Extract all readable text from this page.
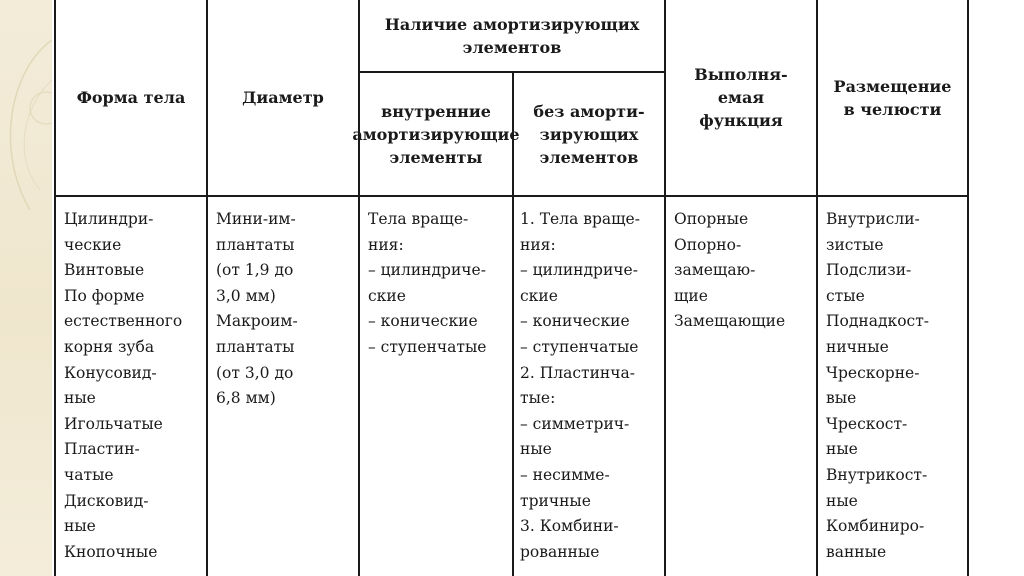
Форма тела	Диаметр
Наличие амортизирующих
элементов
внутренние
амортизирующие
элементы
без аморти-
зирующих
элементов
Выполня-
емая
функция
Размещение
в челюсти
Цилиндри-
ческие
Винтовые
По форме
естественного
корня зуба
Конусовид-
ные
Игольчатые
Пластин-
чатые
Дисковид-
ные
Кнопочные
Мини-им-
плантаты
(от 1,9 до
3,0 мм)
Макроим-
плантаты
(от 3,0 до
6,8 мм)
Тела враще-
ния:
– цилиндриче-
ские
– конические
– ступенчатые
1. Тела враще-
ния:
– цилиндриче-
ские
– конические
– ступенчатые
2. Пластинча-
тые:
– симметрич-
ные
– несимме-
тричные
3. Комбини-
рованные
Опорные
Опорно-
замещаю-
щие
Замещающие
Внутрисли-
зистые
Подслизи-
стые
Поднадкост-
ничные
Чрескорне-
вые
Чрескост-
ные
Внутрикост-
ные
Комбиниро-
ванные
